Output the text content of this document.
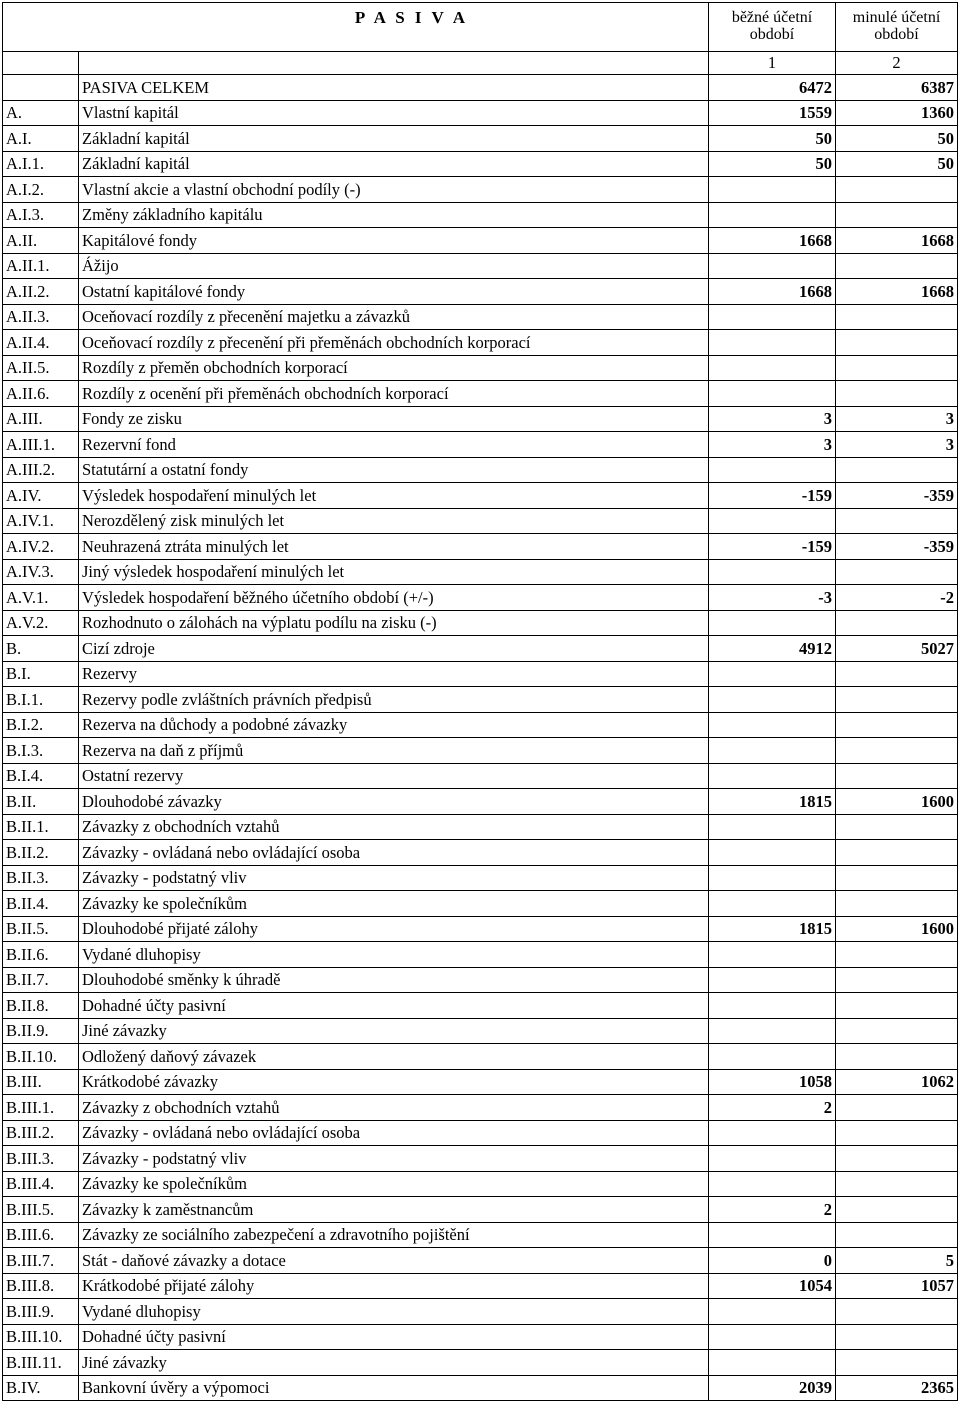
P A S I V A		běžné účetní období	minulé účetní období
		1	2
	PASIVA CELKEM	6472	6387
A.	Vlastní kapitál	1559	1360
A.I.	Základní kapitál	50	50
A.I.1.	Základní kapitál	50	50
A.I.2.	Vlastní akcie a vlastní obchodní podíly (-)		
A.I.3.	Změny základního kapitálu		
A.II.	Kapitálové fondy	1668	1668
A.II.1.	Ážijo		
A.II.2.	Ostatní kapitálové fondy	1668	1668
A.II.3.	Oceňovací rozdíly z přecenění majetku a závazků		
A.II.4.	Oceňovací rozdíly z přecenění při přeměnách obchodních korporací		
A.II.5.	Rozdíly z přeměn obchodních korporací		
A.II.6.	Rozdíly z ocenění při přeměnách obchodních korporací		
A.III.	Fondy ze zisku	3	3
A.III.1.	Rezervní fond	3	3
A.III.2.	Statutární a ostatní fondy		
A.IV.	Výsledek hospodaření minulých let	-159	-359
A.IV.1.	Nerozdělený zisk minulých let		
A.IV.2.	Neuhrazená ztráta minulých let	-159	-359
A.IV.3.	Jiný výsledek hospodaření minulých let		
A.V.1.	Výsledek hospodaření běžného účetního období (+/-)	-3	-2
A.V.2.	Rozhodnuto o zálohách na výplatu podílu na zisku (-)		
B.	Cizí zdroje	4912	5027
B.I.	Rezervy		
B.I.1.	Rezervy podle zvláštních právních předpisů		
B.I.2.	Rezerva na důchody a podobné závazky		
B.I.3.	Rezerva na daň z příjmů		
B.I.4.	Ostatní rezervy		
B.II.	Dlouhodobé závazky	1815	1600
B.II.1.	Závazky z obchodních vztahů		
B.II.2.	Závazky - ovládaná nebo ovládající osoba		
B.II.3.	Závazky - podstatný vliv		
B.II.4.	Závazky ke společníkům		
B.II.5.	Dlouhodobé přijaté zálohy	1815	1600
B.II.6.	Vydané dluhopisy		
B.II.7.	Dlouhodobé směnky k úhradě		
B.II.8.	Dohadné účty pasivní		
B.II.9.	Jiné závazky		
B.II.10.	Odložený daňový závazek		
B.III.	Krátkodobé závazky	1058	1062
B.III.1.	Závazky z obchodních vztahů	2	
B.III.2.	Závazky - ovládaná nebo ovládající osoba		
B.III.3.	Závazky - podstatný vliv		
B.III.4.	Závazky ke společníkům		
B.III.5.	Závazky k zaměstnancům	2	
B.III.6.	Závazky ze sociálního zabezpečení a zdravotního pojištění		
B.III.7.	Stát - daňové závazky a dotace	0	5
B.III.8.	Krátkodobé přijaté zálohy	1054	1057
B.III.9.	Vydané dluhopisy		
B.III.10.	Dohadné účty pasivní		
B.III.11.	Jiné závazky		
B.IV.	Bankovní úvěry a výpomoci	2039	2365
